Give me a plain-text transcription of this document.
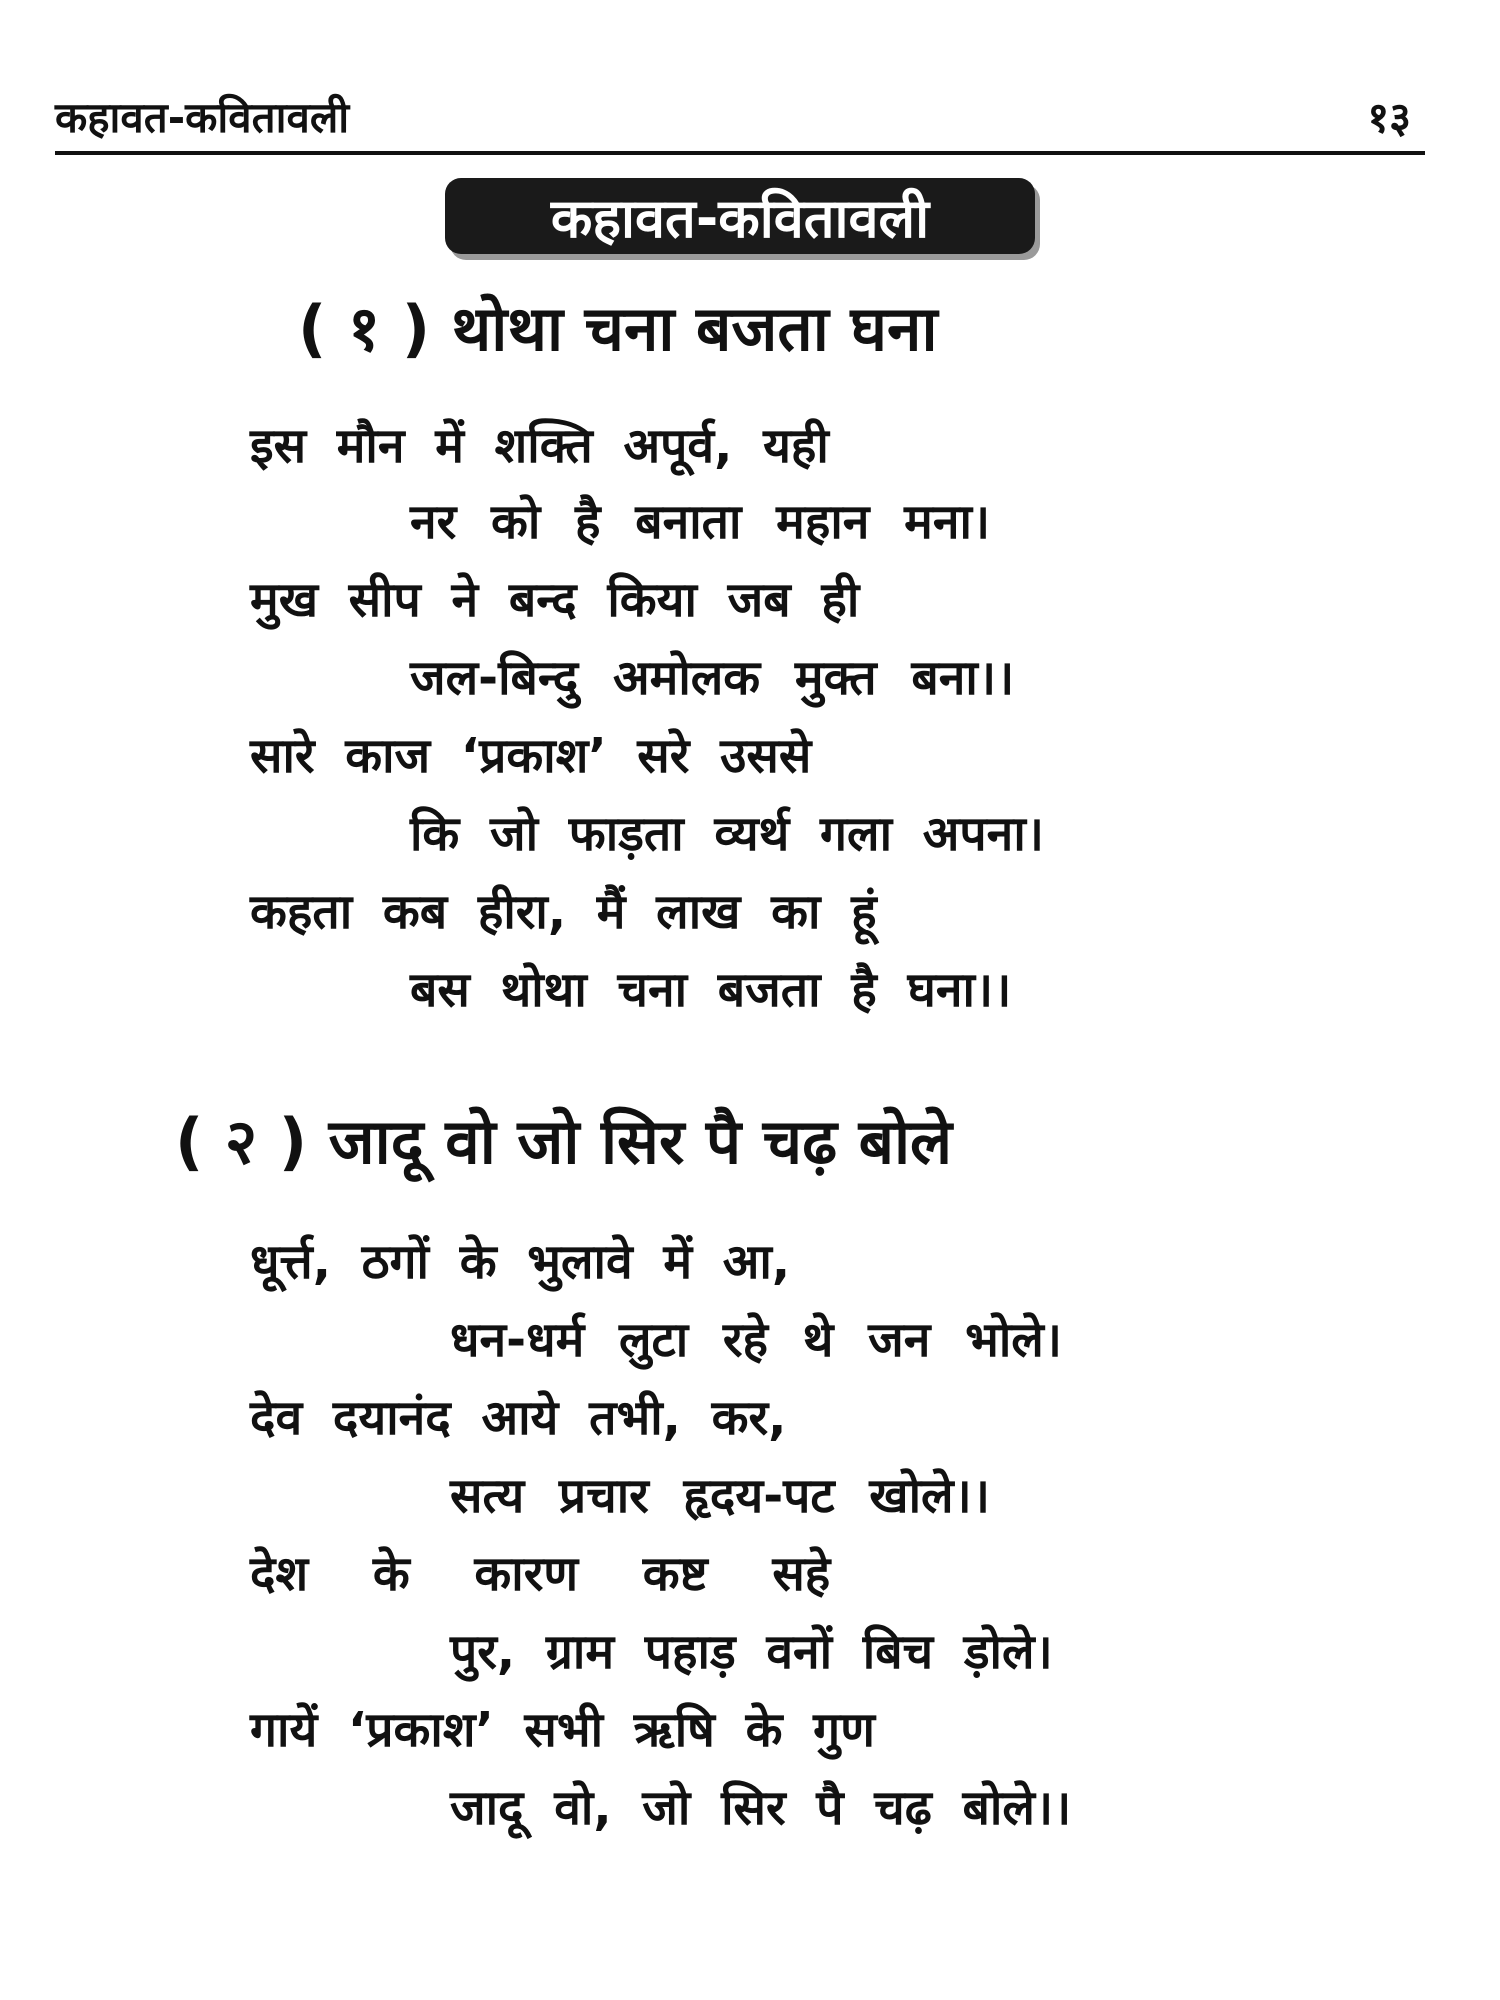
कहावत-कवितावली	१३
कहावत-कवितावली
( १ ) थोथा चना बजता घना
इस मौन में शक्ति अपूर्व, यही
नर को है बनाता महान मना।
मुख सीप ने बन्द किया जब ही
जल-बिन्दु अमोलक मुक्त बना।।
सारे काज ‘प्रकाश’ सरे उससे
कि जो फाड़ता व्यर्थ गला अपना।
कहता कब हीरा, मैं लाख का हूं
बस थोथा चना बजता है घना।।
( २ ) जादू वो जो सिर पै चढ़ बोले
धूर्त्त, ठगों के भुलावे में आ,
धन-धर्म लुटा रहे थे जन भोले।
देव दयानंद आये तभी, कर,
सत्य प्रचार हृदय-पट खोले।।
देश के कारण कष्ट सहे
पुर, ग्राम पहाड़ वनों बिच ड़ोले।
गायें ‘प्रकाश’ सभी ऋषि के गुण
जादू वो, जो सिर पै चढ़ बोले।।
